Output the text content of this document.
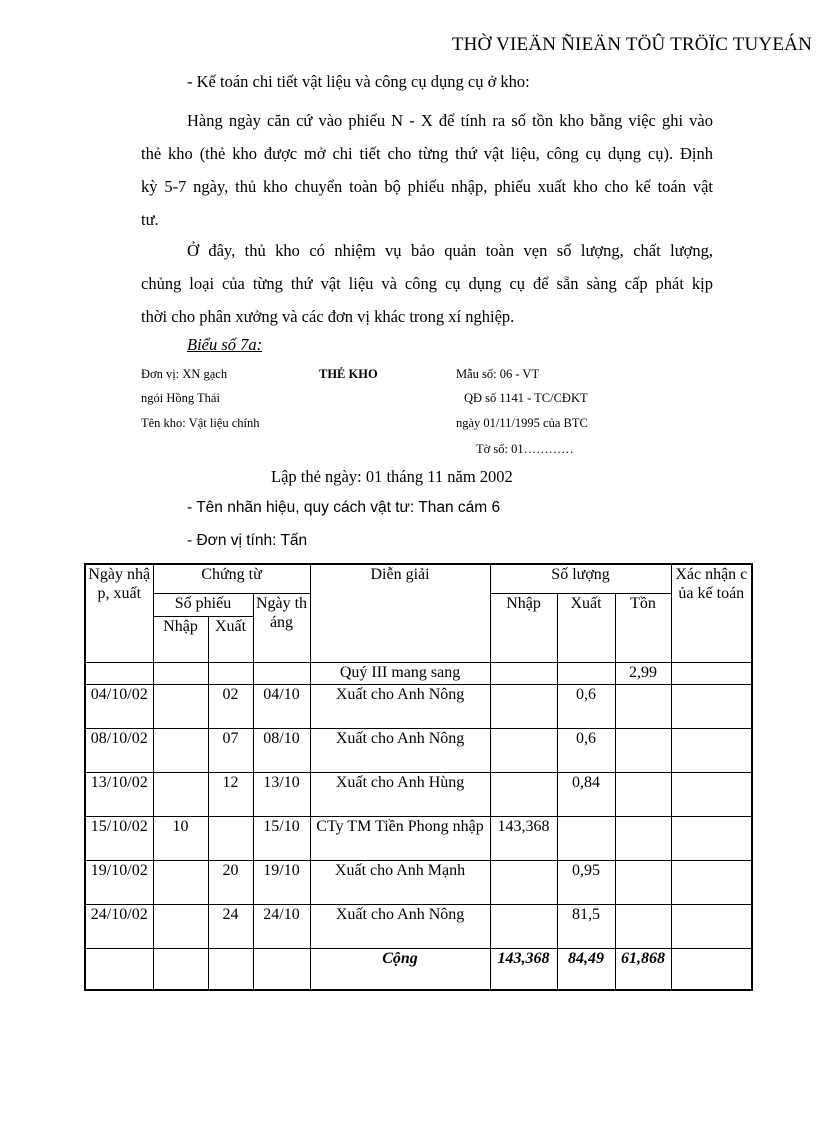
THỜ VIEÄN ÑIEÄN TÖÛ TRÖÏC TUYEÁN
- Kế toán chi tiết vật liệu và công cụ dụng cụ ở kho:
Hàng ngày căn cứ vào phiếu N - X để tính ra số tồn kho bằng việc ghi vào
thẻ kho (thẻ kho được mở chi tiết cho từng thứ vật liệu, công cụ dụng cụ). Định
kỳ 5-7 ngày, thủ kho chuyển toàn bộ phiếu nhập, phiếu xuất kho cho kế toán vật
tư.
Ở đây, thủ kho có nhiệm vụ bảo quản toàn vẹn số lượng, chất lượng,
chủng loại của từng thứ vật liệu và công cụ dụng cụ để sẵn sàng cấp phát kịp
thời cho phân xưởng và các đơn vị khác trong xí nghiệp.
Biểu số 7a:
Đơn vị: XN gạch
ngói Hồng Thái
Tên kho: Vật liệu chính
THẺ KHO	Mẫu số: 06 - VT
QĐ số 1141 - TC/CĐKT
ngày 01/11/1995 của BTC
Tờ số: 01…………
Lập thẻ ngày: 01 tháng 11 năm 2002
- Tên nhãn hiệu, quy cách vật tư: Than cám 6
- Đơn vị tính: Tấn
Ngày nhập, xuất	Chứng từ			Diễn giải	Số lượng			Xác nhận của kế toán
	Số phiếu		Ngày tháng		Nhập	Xuất	Tồn	
	Nhập	Xuất						
				Quý III mang sang			2,99	
04/10/02		02	04/10	Xuất cho Anh Nông		0,6		
08/10/02		07	08/10	Xuất cho Anh Nông		0,6		
13/10/02		12	13/10	Xuất cho Anh Hùng		0,84		
15/10/02	10		15/10	CTy TM Tiền Phong nhập	143,368			
19/10/02		20	19/10	Xuất cho Anh Mạnh		0,95		
24/10/02		24	24/10	Xuất cho Anh Nông		81,5		
				Cộng	143,368	84,49	61,868	
